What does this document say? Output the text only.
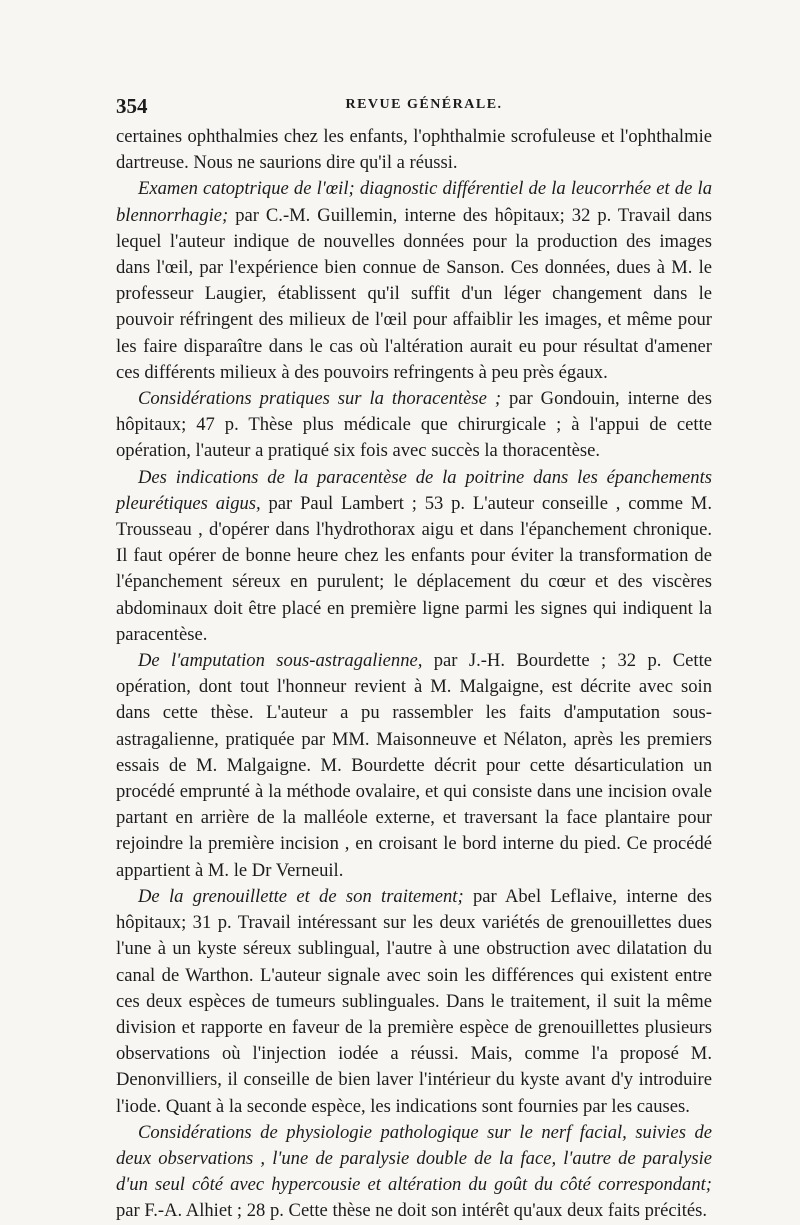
354	REVUE GÉNÉRALE.

certaines ophthalmies chez les enfants, l'ophthalmie scrofuleuse et l'ophthalmie dartreuse. Nous ne saurions dire qu'il a réussi.

Examen catoptrique de l'œil; diagnostic différentiel de la leucorrhée et de la blennorrhagie; par C.-M. Guillemin, interne des hôpitaux; 32 p. Travail dans lequel l'auteur indique de nouvelles données pour la production des images dans l'œil, par l'expérience bien connue de Sanson. Ces données, dues à M. le professeur Laugier, établissent qu'il suffit d'un léger changement dans le pouvoir réfringent des milieux de l'œil pour affaiblir les images, et même pour les faire disparaître dans le cas où l'altération aurait eu pour résultat d'amener ces différents milieux à des pouvoirs refringents à peu près égaux.

Considérations pratiques sur la thoracentèse ; par Gondouin, interne des hôpitaux; 47 p. Thèse plus médicale que chirurgicale ; à l'appui de cette opération, l'auteur a pratiqué six fois avec succès la thoracentèse.

Des indications de la paracentèse de la poitrine dans les épanchements pleurétiques aigus, par Paul Lambert ; 53 p. L'auteur conseille , comme M. Trousseau , d'opérer dans l'hydrothorax aigu et dans l'épanchement chronique. Il faut opérer de bonne heure chez les enfants pour éviter la transformation de l'épanchement séreux en purulent; le déplacement du cœur et des viscères abdominaux doit être placé en première ligne parmi les signes qui indiquent la paracentèse.

De l'amputation sous-astragalienne, par J.-H. Bourdette ; 32 p. Cette opération, dont tout l'honneur revient à M. Malgaigne, est décrite avec soin dans cette thèse. L'auteur a pu rassembler les faits d'amputation sous-astragalienne, pratiquée par MM. Maisonneuve et Nélaton, après les premiers essais de M. Malgaigne. M. Bourdette décrit pour cette désarticulation un procédé emprunté à la méthode ovalaire, et qui consiste dans une incision ovale partant en arrière de la malléole externe, et traversant la face plantaire pour rejoindre la première incision , en croisant le bord interne du pied. Ce procédé appartient à M. le Dr Verneuil.

De la grenouillette et de son traitement; par Abel Leflaive, interne des hôpitaux; 31 p. Travail intéressant sur les deux variétés de grenouillettes dues l'une à un kyste séreux sublingual, l'autre à une obstruction avec dilatation du canal de Warthon. L'auteur signale avec soin les différences qui existent entre ces deux espèces de tumeurs sublinguales. Dans le traitement, il suit la même division et rapporte en faveur de la première espèce de grenouillettes plusieurs observations où l'injection iodée a réussi. Mais, comme l'a proposé M. Denonvilliers, il conseille de bien laver l'intérieur du kyste avant d'y introduire l'iode. Quant à la seconde espèce, les indications sont fournies par les causes.

Considérations de physiologie pathologique sur le nerf facial, suivies de deux observations , l'une de paralysie double de la face, l'autre de paralysie d'un seul côté avec hypercousie et altération du goût du côté correspondant; par F.-A. Alhiet ; 28 p. Cette thèse ne doit son intérêt qu'aux deux faits précités.
